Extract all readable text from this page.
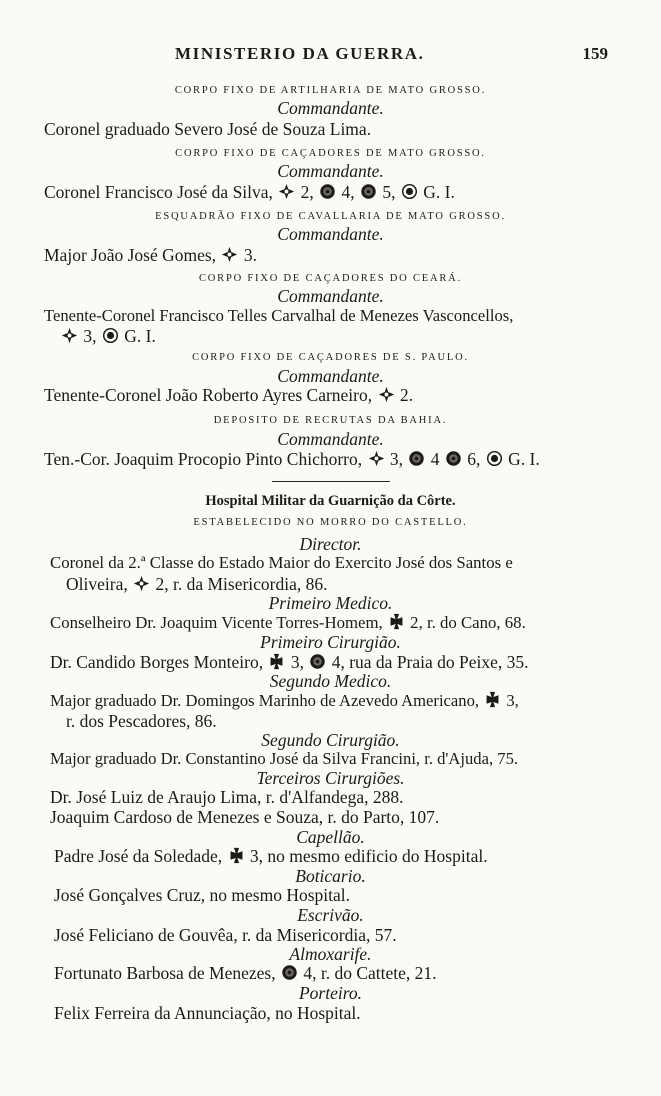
MINISTERIO DA GUERRA.	159
CORPO FIXO DE ARTILHARIA DE MATO GROSSO.
Commandante.
Coronel graduado Severo José de Souza Lima.
CORPO FIXO DE CAÇADORES DE MATO GROSSO.
Commandante.
Coronel Francisco José da Silva, 2, 4, 5, G. I.
ESQUADRÃO FIXO DE CAVALLARIA DE MATO GROSSO.
Commandante.
Major João José Gomes, 3.
CORPO FIXO DE CAÇADORES DO CEARÁ.
Commandante.
Tenente-Coronel Francisco Telles Carvalhal de Menezes Vasconcellos,
3, G. I.
CORPO FIXO DE CAÇADORES DE S. PAULO.
Commandante.
Tenente-Coronel João Roberto Ayres Carneiro, 2.
DEPOSITO DE RECRUTAS DA BAHIA.
Commandante.
Ten.-Cor. Joaquim Procopio Pinto Chichorro, 3, 4 6, G. I.
Hospital Militar da Guarnição da Côrte.
ESTABELECIDO NO MORRO DO CASTELLO.
Director.
Coronel da 2.ª Classe do Estado Maior do Exercito José dos Santos e
Oliveira, 2, r. da Misericordia, 86.
Primeiro Medico.
Conselheiro Dr. Joaquim Vicente Torres-Homem, 2, r. do Cano, 68.
Primeiro Cirurgião.
Dr. Candido Borges Monteiro, 3, 4, rua da Praia do Peixe, 35.
Segundo Medico.
Major graduado Dr. Domingos Marinho de Azevedo Americano, 3,
r. dos Pescadores, 86.
Segundo Cirurgião.
Major graduado Dr. Constantino José da Silva Francini, r. d'Ajuda, 75.
Terceiros Cirurgiões.
Dr. José Luiz de Araujo Lima, r. d'Alfandega, 288.
Joaquim Cardoso de Menezes e Souza, r. do Parto, 107.
Capellão.
Padre José da Soledade, 3, no mesmo edificio do Hospital.
Boticario.
José Gonçalves Cruz, no mesmo Hospital.
Escrivão.
José Feliciano de Gouvêa, r. da Misericordia, 57.
Almoxarife.
Fortunato Barbosa de Menezes, 4, r. do Cattete, 21.
Porteiro.
Felix Ferreira da Annunciação, no Hospital.
